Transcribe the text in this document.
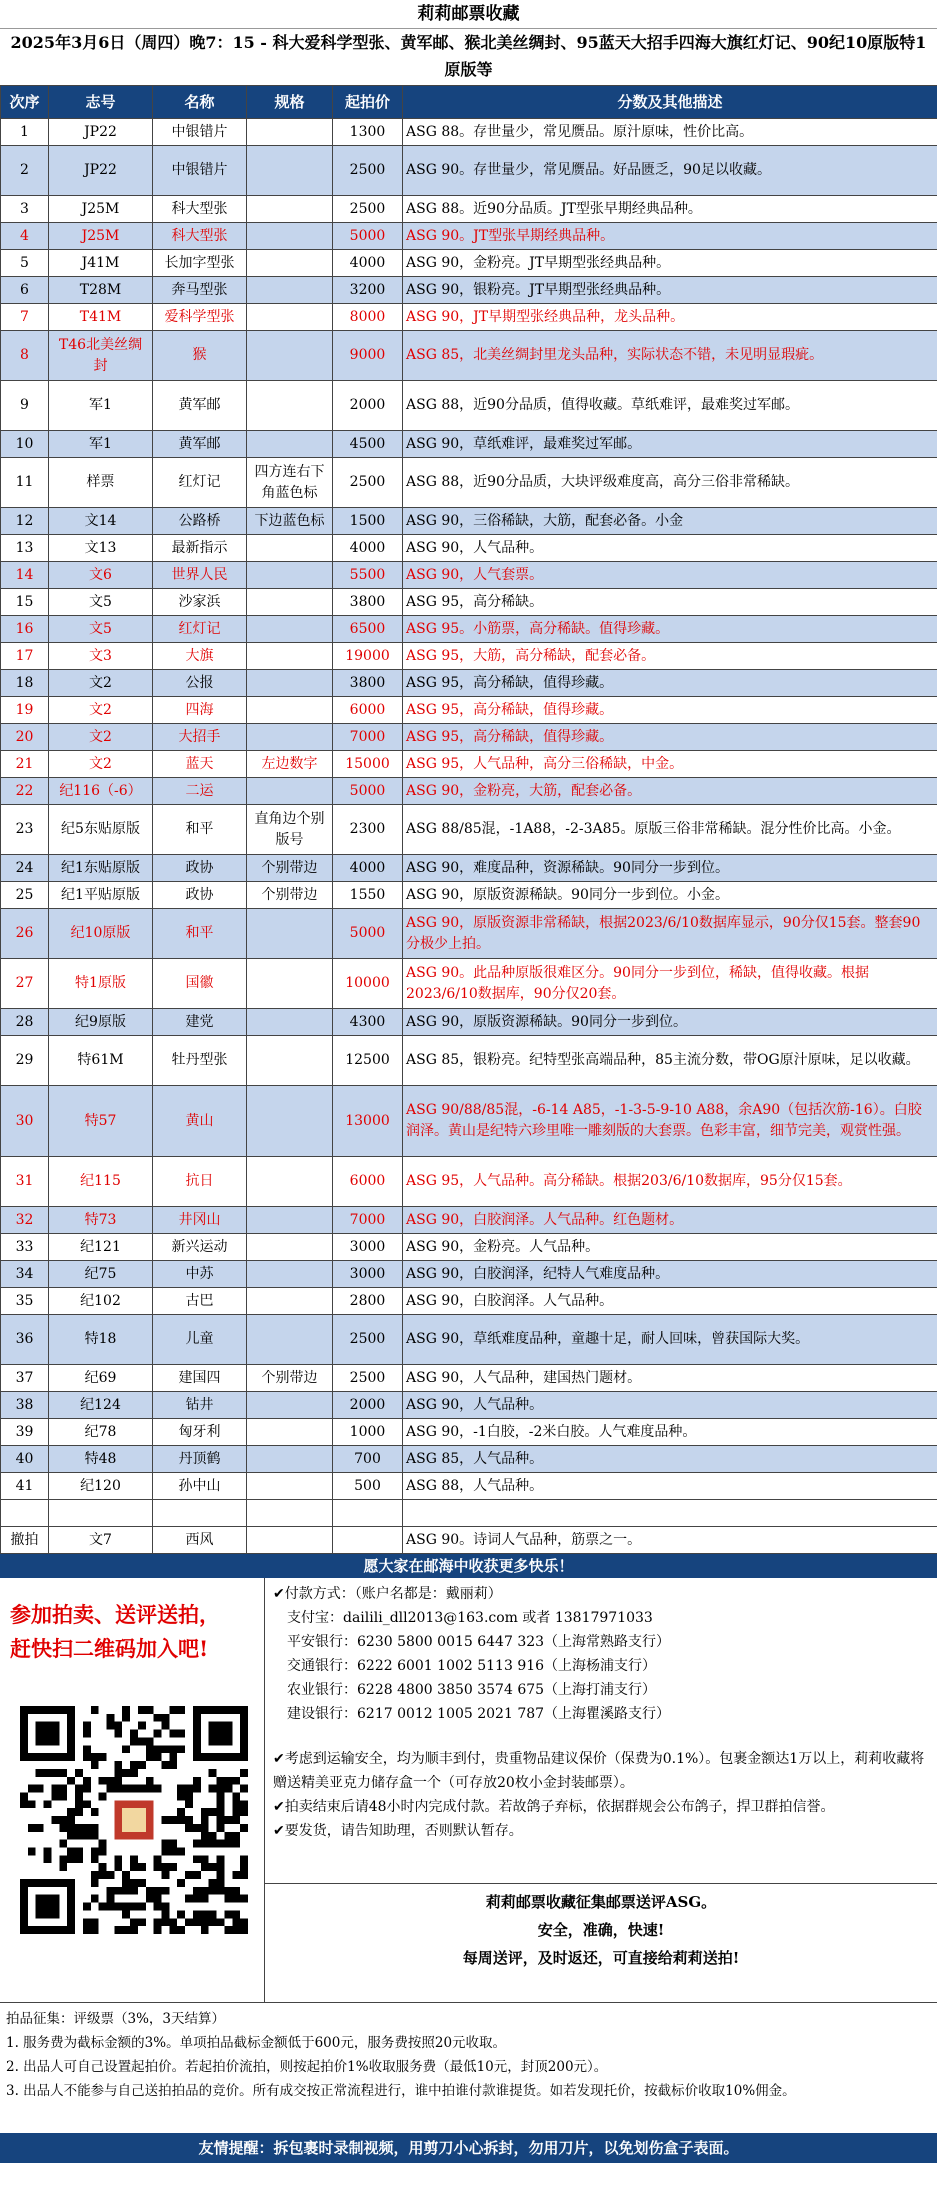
莉莉邮票收藏
2025年3月6日（周四）晚7：15 - 科大爱科学型张、黄军邮、猴北美丝绸封、95蓝天大招手四海大旗红灯记、90纪10原版特1原版等
次序	志号	名称	规格	起拍价	分数及其他描述
1	JP22	中银错片		1300	ASG 88。存世量少，常见赝品。原汁原味，性价比高。
2	JP22	中银错片		2500	ASG 90。存世量少，常见赝品。好品匮乏，90足以收藏。
3	J25M	科大型张		2500	ASG 88。近90分品质。JT型张早期经典品种。
4	J25M	科大型张		5000	ASG 90。JT型张早期经典品种。
5	J41M	长加字型张		4000	ASG 90，金粉亮。JT早期型张经典品种。
6	T28M	奔马型张		3200	ASG 90，银粉亮。JT早期型张经典品种。
7	T41M	爱科学型张		8000	ASG 90，JT早期型张经典品种，龙头品种。
8	T46北美丝绸封	猴		9000	ASG 85，北美丝绸封里龙头品种，实际状态不错，未见明显瑕疵。
9	军1	黄军邮		2000	ASG 88，近90分品质，值得收藏。草纸难评，最难奖过军邮。
10	军1	黄军邮		4500	ASG 90，草纸难评，最难奖过军邮。
11	样票	红灯记	四方连右下角蓝色标	2500	ASG 88，近90分品质，大块评级难度高，高分三俗非常稀缺。
12	文14	公路桥	下边蓝色标	1500	ASG 90，三俗稀缺，大筋，配套必备。小金
13	文13	最新指示		4000	ASG 90，人气品种。
14	文6	世界人民		5500	ASG 90，人气套票。
15	文5	沙家浜		3800	ASG 95，高分稀缺。
16	文5	红灯记		6500	ASG 95。小筋票，高分稀缺。值得珍藏。
17	文3	大旗		19000	ASG 95，大筋，高分稀缺，配套必备。
18	文2	公报		3800	ASG 95，高分稀缺，值得珍藏。
19	文2	四海		6000	ASG 95，高分稀缺，值得珍藏。
20	文2	大招手		7000	ASG 95，高分稀缺，值得珍藏。
21	文2	蓝天	左边数字	15000	ASG 95，人气品种，高分三俗稀缺，中金。
22	纪116（-6）	二运		5000	ASG 90，金粉亮，大筋，配套必备。
23	纪5东贴原版	和平	直角边个别版号	2300	ASG 88/85混，-1A88，-2-3A85。原版三俗非常稀缺。混分性价比高。小金。
24	纪1东贴原版	政协	个别带边	4000	ASG 90，难度品种，资源稀缺。90同分一步到位。
25	纪1平贴原版	政协	个别带边	1550	ASG 90，原版资源稀缺。90同分一步到位。小金。
26	纪10原版	和平		5000	ASG 90，原版资源非常稀缺，根据2023/6/10数据库显示，90分仅15套。整套90分极少上拍。
27	特1原版	国徽		10000	ASG 90。此品种原版很难区分。90同分一步到位，稀缺，值得收藏。根据2023/6/10数据库，90分仅20套。
28	纪9原版	建党		4300	ASG 90，原版资源稀缺。90同分一步到位。
29	特61M	牡丹型张		12500	ASG 85，银粉亮。纪特型张高端品种，85主流分数，带OG原汁原味，足以收藏。
30	特57	黄山		13000	ASG 90/88/85混，-6-14 A85，-1-3-5-9-10 A88，余A90（包括次筋-16）。白胶润泽。黄山是纪特六珍里唯一雕刻版的大套票。色彩丰富，细节完美，观赏性强。
31	纪115	抗日		6000	ASG 95，人气品种。高分稀缺。根据203/6/10数据库，95分仅15套。
32	特73	井冈山		7000	ASG 90，白胶润泽。人气品种。红色题材。
33	纪121	新兴运动		3000	ASG 90，金粉亮。人气品种。
34	纪75	中苏		3000	ASG 90，白胶润泽，纪特人气难度品种。
35	纪102	古巴		2800	ASG 90，白胶润泽。人气品种。
36	特18	儿童		2500	ASG 90，草纸难度品种，童趣十足，耐人回味，曾获国际大奖。
37	纪69	建国四	个别带边	2500	ASG 90，人气品种，建国热门题材。
38	纪124	钻井		2000	ASG 90，人气品种。
39	纪78	匈牙利		1000	ASG 90，-1白胶，-2米白胶。人气难度品种。
40	特48	丹顶鹤		700	ASG 85，人气品种。
41	纪120	孙中山		500	ASG 88，人气品种。

撤拍	文7	西风			ASG 90。诗词人气品种，筋票之一。
愿大家在邮海中收获更多快乐！
参加拍卖、送评送拍，
赶快扫二维码加入吧!
✔付款方式：（账户名都是：戴丽莉）
支付宝：dailili_dll2013@163.com 或者 13817971033
平安银行：6230 5800 0015 6447 323（上海常熟路支行）
交通银行：6222 6001 1002 5113 916（上海杨浦支行）
农业银行：6228 4800 3850 3574 675（上海打浦支行）
建设银行：6217 0012 1005 2021 787（上海瞿溪路支行）

✔考虑到运输安全，均为顺丰到付，贵重物品建议保价（保费为0.1%）。包裹金额达1万以上，莉莉收藏将赠送精美亚克力储存盒一个（可存放20枚小金封装邮票）。

✔拍卖结束后请48小时内完成付款。若故鸽子弃标，依据群规会公布鸽子，捍卫群拍信誉。

✔要发货，请告知助理，否则默认暂存。

莉莉邮票收藏征集邮票送评ASG。
安全，准确，快速!
每周送评，及时返还，可直接给莉莉送拍!

拍品征集：评级票（3%，3天结算）

1. 服务费为截标金额的3%。单项拍品截标金额低于600元，服务费按照20元收取。

2. 出品人可自己设置起拍价。若起拍价流拍，则按起拍价1%收取服务费（最低10元，封顶200元）。

3. 出品人不能参与自己送拍拍品的竞价。所有成交按正常流程进行，谁中拍谁付款谁提货。如若发现托价，按截标价收取10%佣金。

友情提醒：拆包裹时录制视频，用剪刀小心拆封，勿用刀片，以免划伤盒子表面。
